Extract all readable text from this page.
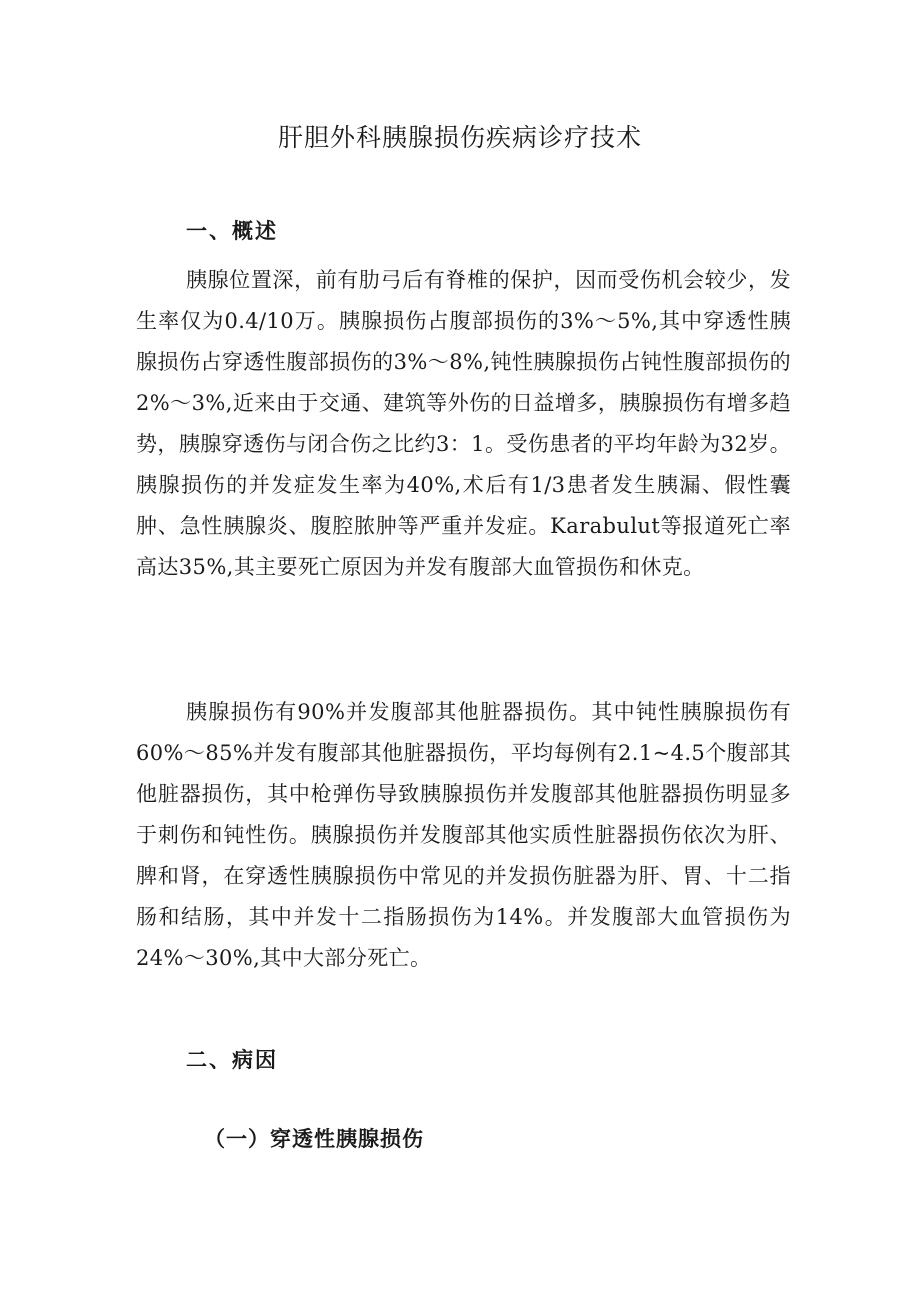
肝胆外科胰腺损伤疾病诊疗技术
一、概述

胰腺位置深，前有肋弓后有脊椎的保护，因而受伤机会较少，发生率仅为0.4/10万。胰腺损伤占腹部损伤的3%～5%,其中穿透性胰腺损伤占穿透性腹部损伤的3%～8%,钝性胰腺损伤占钝性腹部损伤的2%～3%,近来由于交通、建筑等外伤的日益增多，胰腺损伤有增多趋势，胰腺穿透伤与闭合伤之比约3：1。受伤患者的平均年龄为32岁。胰腺损伤的并发症发生率为40%,术后有1/3患者发生胰漏、假性囊肿、急性胰腺炎、腹腔脓肿等严重并发症。Karabulut等报道死亡率高达35%,其主要死亡原因为并发有腹部大血管损伤和休克。

胰腺损伤有90%并发腹部其他脏器损伤。其中钝性胰腺损伤有60%～85%并发有腹部其他脏器损伤，平均每例有2.1~4.5个腹部其他脏器损伤，其中枪弹伤导致胰腺损伤并发腹部其他脏器损伤明显多于刺伤和钝性伤。胰腺损伤并发腹部其他实质性脏器损伤依次为肝、脾和肾，在穿透性胰腺损伤中常见的并发损伤脏器为肝、胃、十二指肠和结肠，其中并发十二指肠损伤为14%。并发腹部大血管损伤为24%～30%,其中大部分死亡。

二、病因
（一）穿透性胰腺损伤
